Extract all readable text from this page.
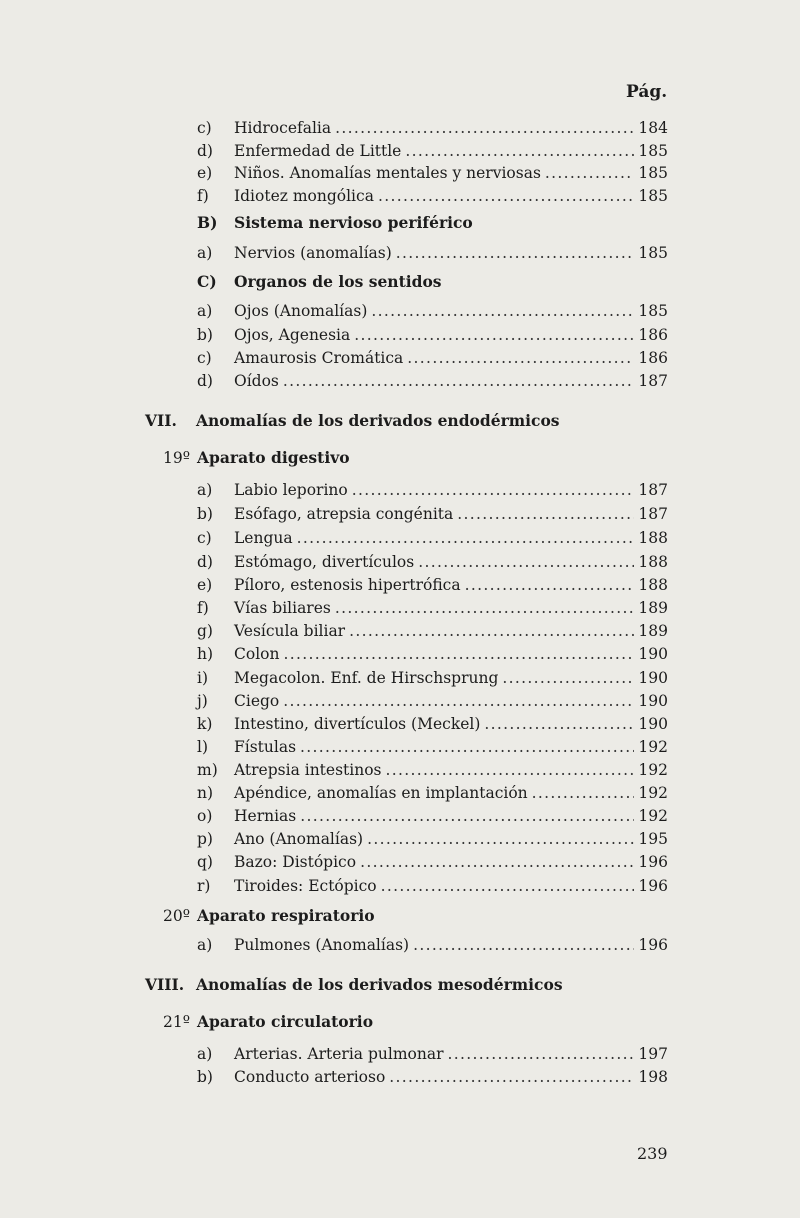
Pág.
c)	Hidrocefalia . . .	184
d)	Enfermedad de Little . . .	185
e)	Niños. Anomalías mentales y nerviosas . . .	185
f)	Idiotez mongólica . . .	185
B)	Sistema nervioso periférico
a)	Nervios (anomalías) . . .	185
C)	Organos de los sentidos
a)	Ojos (Anomalías) . . .	185
b)	Ojos, Agenesia . . .	186
c)	Amaurosis Cromática . . .	186
d)	Oídos . . .	187
VII.	Anomalías de los derivados endodérmicos
19º Aparato digestivo
a)	Labio leporino . . .	187
b)	Esófago, atrepsia congénita . . .	187
c)	Lengua . . .	188
d)	Estómago, divertículos . . .	188
e)	Píloro, estenosis hipertrófica . . .	188
f)	Vías biliares . . .	189
g)	Vesícula biliar . . .	189
h)	Colon . . .	190
i)	Megacolon. Enf. de Hirschsprung . . .	190
j)	Ciego . . .	190
k)	Intestino, divertículos (Meckel) . . .	190
l)	Fístulas . . .	192
m)	Atrepsia intestinos . . .	192
n)	Apéndice, anomalías en implantación . . .	192
o)	Hernias . . .	192
p)	Ano (Anomalías) . . .	195
q)	Bazo: Distópico . . .	196
r)	Tiroides: Ectópico . . .	196
20º Aparato respiratorio
a)	Pulmones (Anomalías) . . .	196
VIII. Anomalías de los derivados mesodérmicos
21º Aparato circulatorio
a)	Arterias. Arteria pulmonar . . .	197
b)	Conducto arterioso . . .	198
239
